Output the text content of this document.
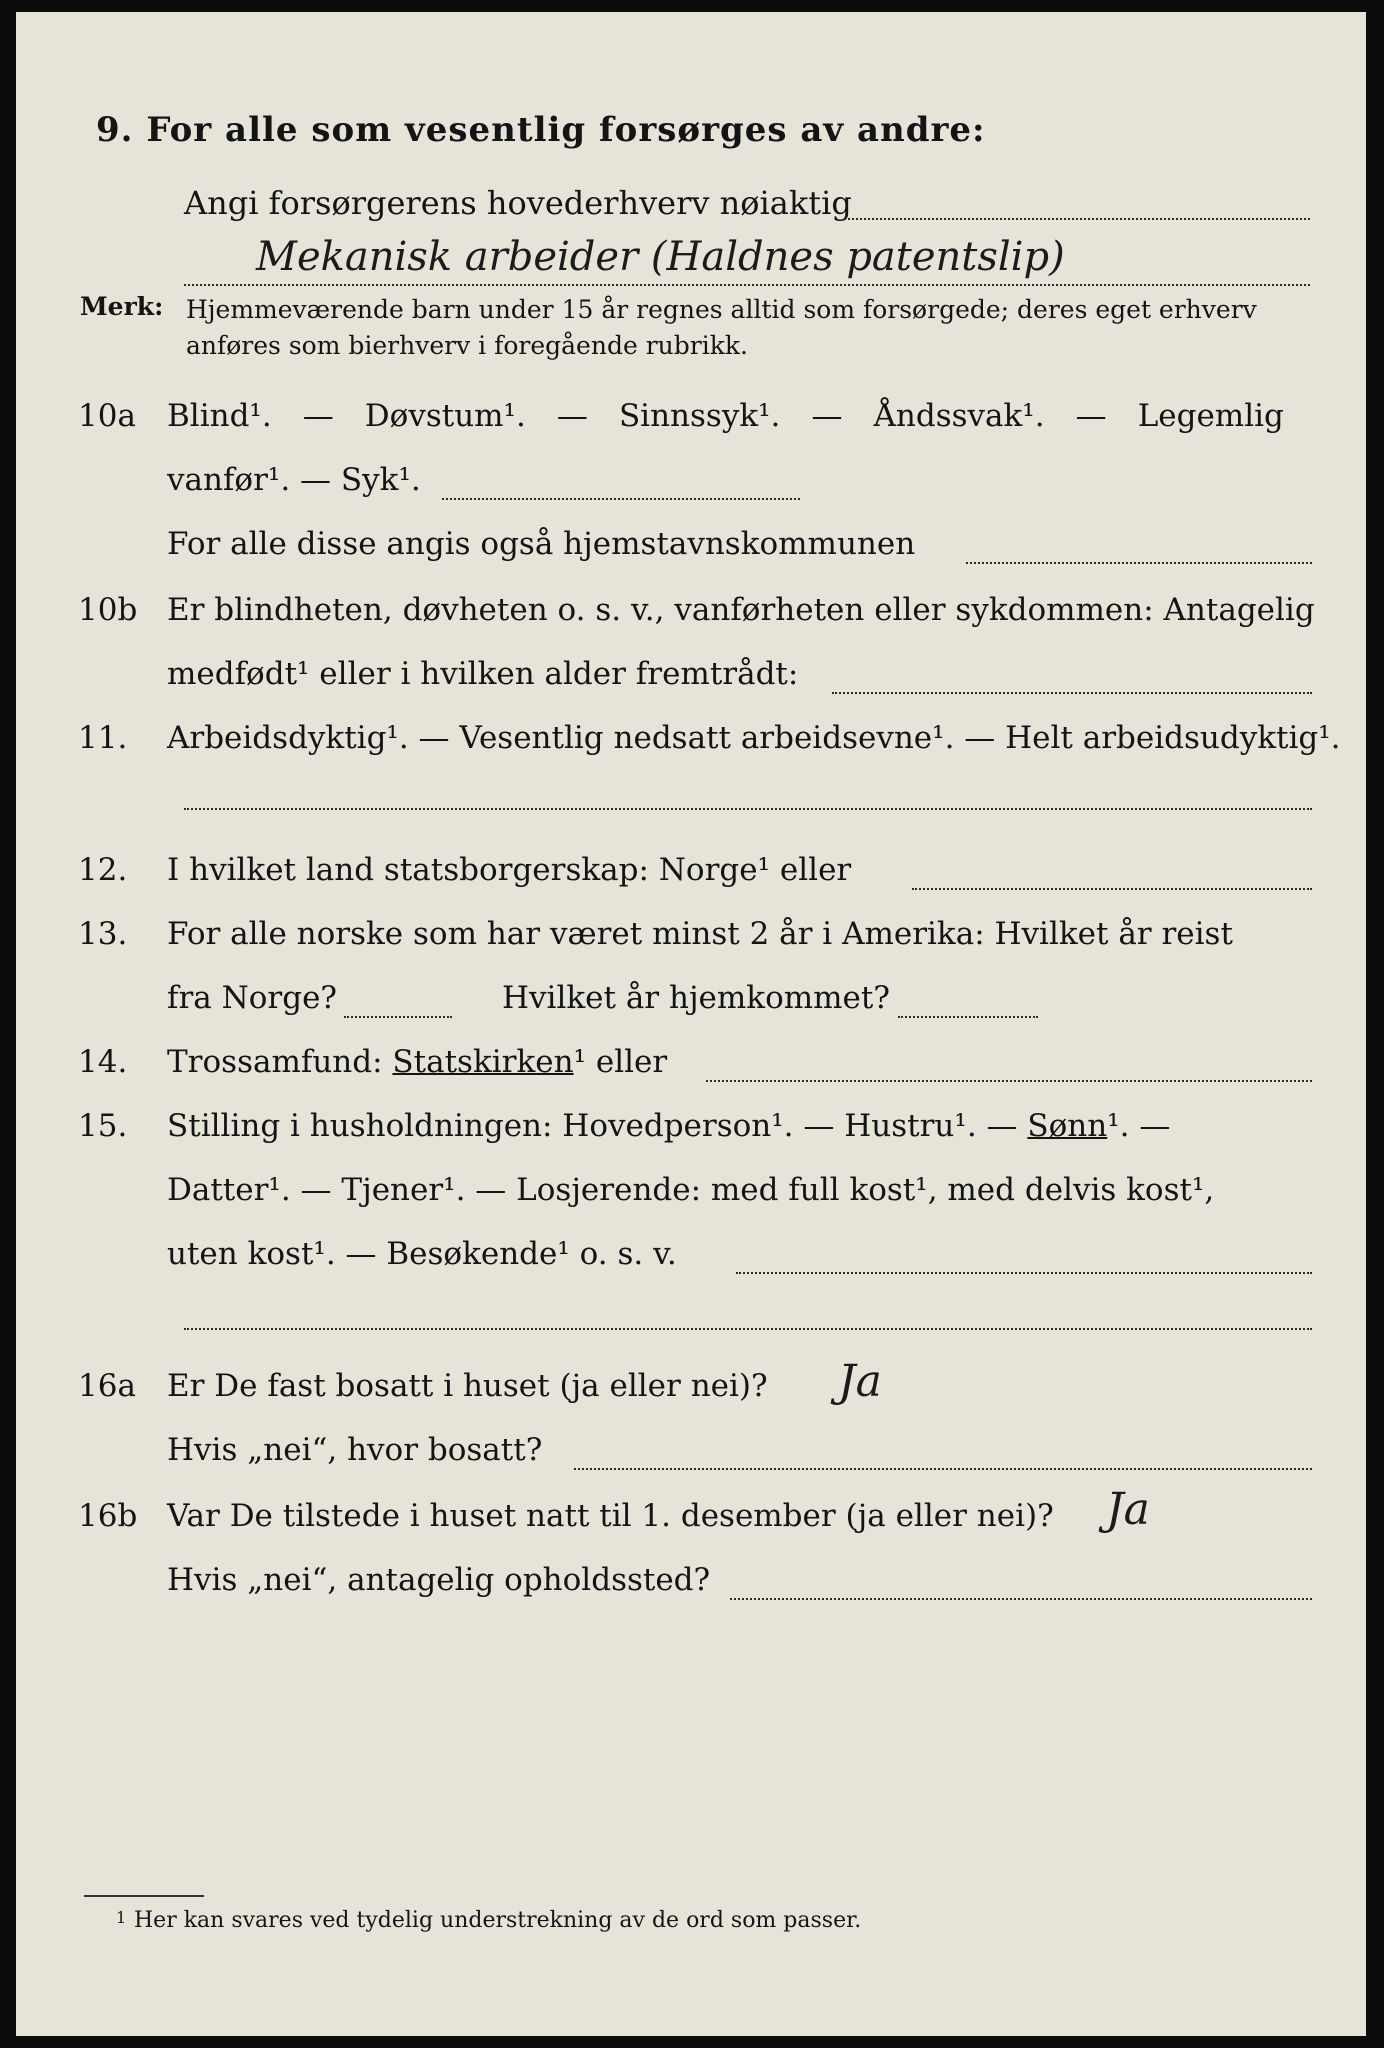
9. For alle som vesentlig forsørges av andre:
Angi forsørgerens hovederhverv nøiaktig
Mekanisk arbeider (Haldnes patentslip)
Merk: Hjemmeværende barn under 15 år regnes alltid som forsørgede; deres eget erhverv anføres som bierhverv i foregående rubrikk.
10a Blind¹. — Døvstum¹. — Sinnssyk¹. — Åndssvak¹. — Legemlig
vanfør¹. — Syk¹.
For alle disse angis også hjemstavnskommunen
10b Er blindheten, døvheten o. s. v., vanførheten eller sykdommen: Antagelig
medfødt¹ eller i hvilken alder fremtrådt:
11. Arbeidsdyktig¹. — Vesentlig nedsatt arbeidsevne¹. — Helt arbeidsudyktig¹.
12. I hvilket land statsborgerskap: Norge¹ eller
13. For alle norske som har været minst 2 år i Amerika: Hvilket år reist
fra Norge?	Hvilket år hjemkommet?
14. Trossamfund: Statskirken¹ eller
15. Stilling i husholdningen: Hovedperson¹. — Hustru¹. — Sønn¹. —
Datter¹. — Tjener¹. — Losjerende: med full kost¹, med delvis kost¹,
uten kost¹. — Besøkende¹ o. s. v.
16a Er De fast bosatt i huset (ja eller nei)? Ja
Hvis „nei“, hvor bosatt?
16b Var De tilstede i huset natt til 1. desember (ja eller nei)? Ja
Hvis „nei“, antagelig opholdssted?
1 Her kan svares ved tydelig understrekning av de ord som passer.
